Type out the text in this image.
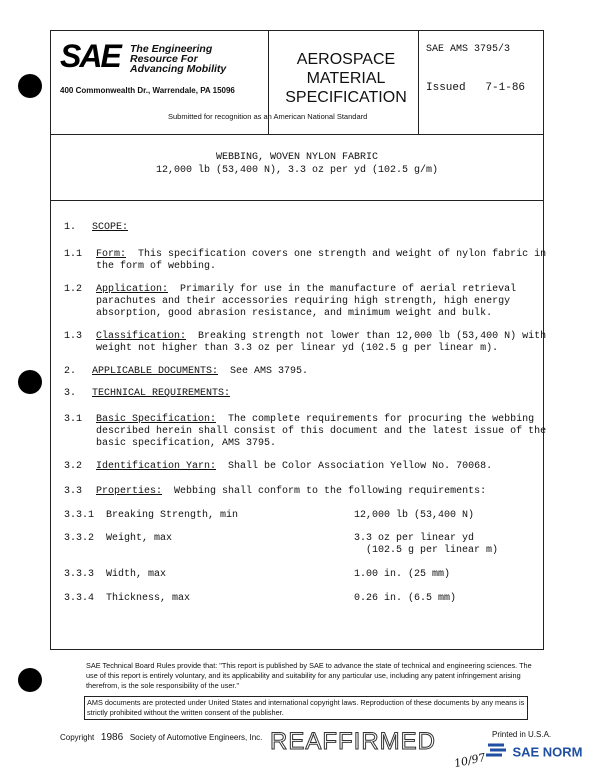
SAE The Engineering
Resource For
Advancing Mobility
400 Commonwealth Dr., Warrendale, PA 15096
AEROSPACE
MATERIAL
SPECIFICATION
SAE AMS 3795/3
Issued 7-1-86
Submitted for recognition as an American National Standard
WEBBING, WOVEN NYLON FABRIC
12,000 lb (53,400 N), 3.3 oz per yd (102.5 g/m)
1. SCOPE:
1.1 Form: This specification covers one strength and weight of nylon fabric in
the form of webbing.
1.2 Application: Primarily for use in the manufacture of aerial retrieval
parachutes and their accessories requiring high strength, high energy
absorption, good abrasion resistance, and minimum weight and bulk.
1.3 Classification: Breaking strength not lower than 12,000 lb (53,400 N) with
weight not higher than 3.3 oz per linear yd (102.5 g per linear m).
2. APPLICABLE DOCUMENTS: See AMS 3795.
3. TECHNICAL REQUIREMENTS:
3.1 Basic Specification: The complete requirements for procuring the webbing
described herein shall consist of this document and the latest issue of the
basic specification, AMS 3795.
3.2 Identification Yarn: Shall be Color Association Yellow No. 70068.
3.3 Properties: Webbing shall conform to the following requirements:
3.3.1 Breaking Strength, min	12,000 lb (53,400 N)
3.3.2 Weight, max	3.3 oz per linear yd
(102.5 g per linear m)
3.3.3 Width, max	1.00 in. (25 mm)
3.3.4 Thickness, max	0.26 in. (6.5 mm)
SAE Technical Board Rules provide that: "This report is published by SAE to advance the state of technical and engineering sciences. The use of this report is entirely voluntary, and its applicability and suitability for any particular use, including any patent infringement arising therefrom, is the sole responsibility of the user."
AMS documents are protected under United States and international copyright laws. Reproduction of these documents by any means is strictly prohibited without the written consent of the publisher.
Copyright 1986 Society of Automotive Engineers, Inc. REAFFIRMED
10/97
Printed in U.S.A.
SAE NORM
